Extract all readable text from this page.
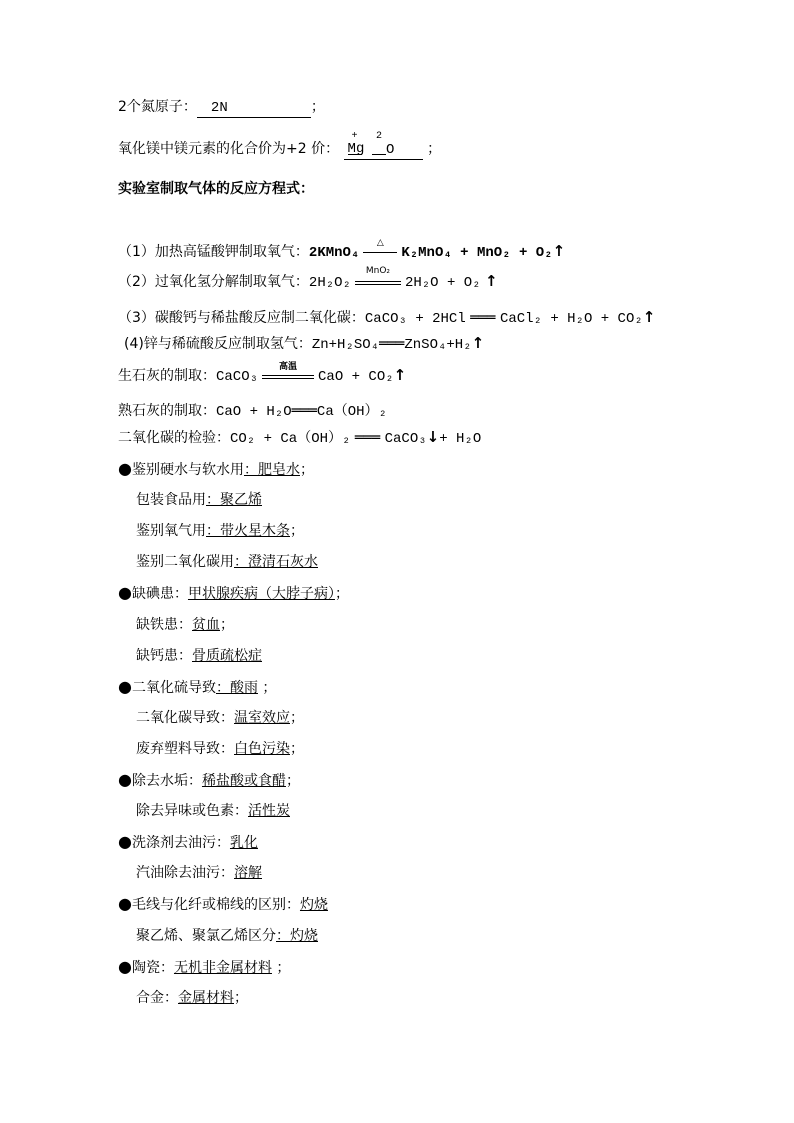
2个氮原子： 2N	；
氧化镁中镁元素的化合价为+2 价：
+
Mg

2
O ；
实验室制取气体的反应方程式：
（1）加热高锰酸钾制取氧气：2KMnO₄
△
K₂MnO₄ + MnO₂ + O₂↑
（2）过氧化氢分解制取氧气：2H₂O₂
MnO₂
2H₂O + O₂ ↑
（3）碳酸钙与稀盐酸反应制二氧化碳：CaCO₃ + 2HCl ═══ CaCl₂ + H₂O + CO₂↑
(4)锌与稀硫酸反应制取氢气：Zn+H₂SO₄═══ZnSO₄+H₂↑
生石灰的制取：CaCO₃
高温
CaO + CO₂↑
熟石灰的制取：CaO + H₂O═══Ca（OH）₂
二氧化碳的检验：CO₂ + Ca（OH）₂ ═══ CaCO₃↓+ H₂O
●鉴别硬水与软水用：肥皂水；
包装食品用：聚乙烯
鉴别氧气用：带火星木条；
鉴别二氧化碳用：澄清石灰水
●缺碘患：甲状腺疾病（大脖子病）；
缺铁患：贫血；
缺钙患：骨质疏松症
●二氧化硫导致：酸雨 ；
二氧化碳导致：温室效应；
废弃塑料导致：白色污染；
●除去水垢：稀盐酸或食醋；
除去异味或色素：活性炭
●洗涤剂去油污：乳化
汽油除去油污：溶解
●毛线与化纤或棉线的区别：灼烧
聚乙烯、聚氯乙烯区分：灼烧
●陶瓷：无机非金属材料 ；
合金：金属材料；
